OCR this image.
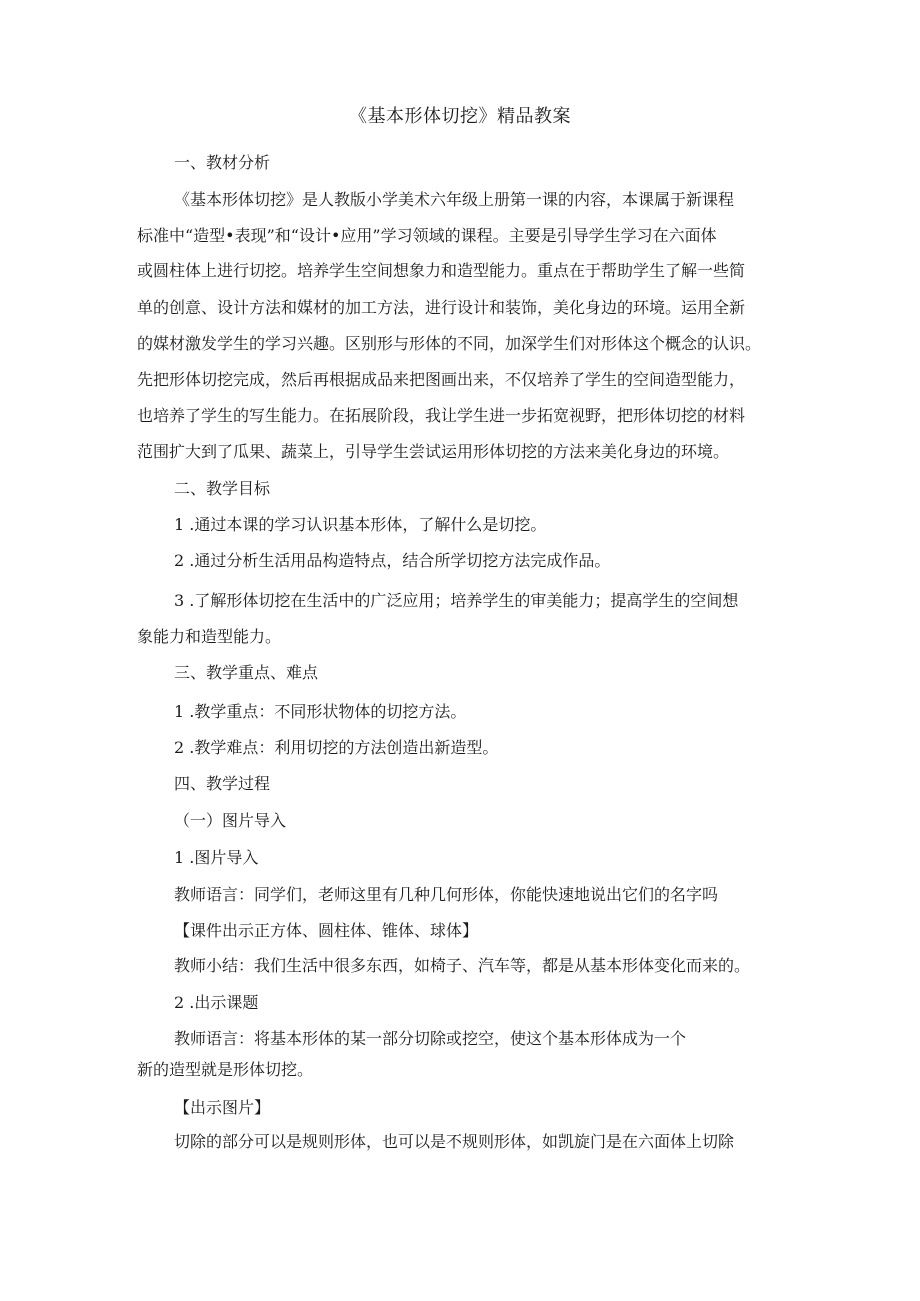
《基本形体切挖》精品教案
一、教材分析
《基本形体切挖》是人教版小学美术六年级上册第一课的内容，本课属于新课程
标准中“造型•表现”和“设计•应用”学习领域的课程。主要是引导学生学习在六面体
或圆柱体上进行切挖。培养学生空间想象力和造型能力。重点在于帮助学生了解一些简
单的创意、设计方法和媒材的加工方法，进行设计和装饰，美化身边的环境。运用全新
的媒材激发学生的学习兴趣。区别形与形体的不同，加深学生们对形体这个概念的认识。
先把形体切挖完成，然后再根据成品来把图画出来，不仅培养了学生的空间造型能力，
也培养了学生的写生能力。在拓展阶段，我让学生进一步拓宽视野，把形体切挖的材料
范围扩大到了瓜果、蔬菜上，引导学生尝试运用形体切挖的方法来美化身边的环境。
二、教学目标
1 .通过本课的学习认识基本形体，了解什么是切挖。
2 .通过分析生活用品构造特点，结合所学切挖方法完成作品。
3 .了解形体切挖在生活中的广泛应用；培养学生的审美能力；提高学生的空间想
象能力和造型能力。
三、教学重点、难点
1 .教学重点：不同形状物体的切挖方法。
2 .教学难点：利用切挖的方法创造出新造型。
四、教学过程
（一）图片导入
1 .图片导入
教师语言：同学们，老师这里有几种几何形体，你能快速地说出它们的名字吗
【课件出示正方体、圆柱体、锥体、球体】
教师小结：我们生活中很多东西，如椅子、汽车等，都是从基本形体变化而来的。
2 .出示课题
教师语言：将基本形体的某一部分切除或挖空，使这个基本形体成为一个
新的造型就是形体切挖。
【出示图片】
切除的部分可以是规则形体，也可以是不规则形体，如凯旋门是在六面体上切除
